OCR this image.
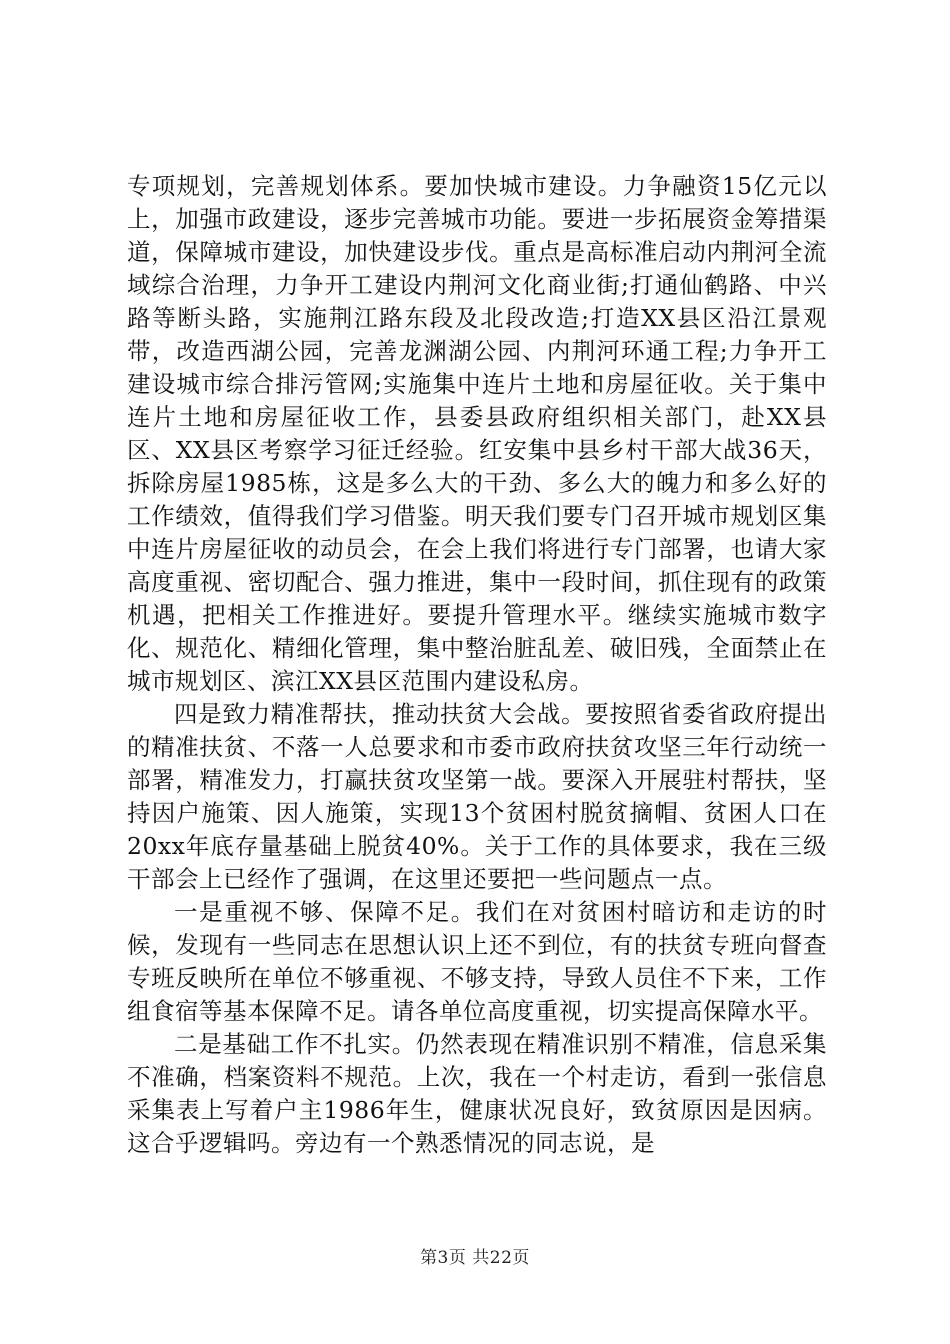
专项规划，完善规划体系。要加快城市建设。力争融资15亿元以上，加强市政建设，逐步完善城市功能。要进一步拓展资金筹措渠道，保障城市建设，加快建设步伐。重点是高标准启动内荆河全流域综合治理，力争开工建设内荆河文化商业街;打通仙鹤路、中兴路等断头路，实施荆江路东段及北段改造;打造XX县区沿江景观带，改造西湖公园，完善龙渊湖公园、内荆河环通工程;力争开工建设城市综合排污管网;实施集中连片土地和房屋征收。关于集中连片土地和房屋征收工作，县委县政府组织相关部门，赴XX县区、XX县区考察学习征迁经验。红安集中县乡村干部大战36天，拆除房屋1985栋，这是多么大的干劲、多么大的魄力和多么好的工作绩效，值得我们学习借鉴。明天我们要专门召开城市规划区集中连片房屋征收的动员会，在会上我们将进行专门部署，也请大家高度重视、密切配合、强力推进，集中一段时间，抓住现有的政策机遇，把相关工作推进好。要提升管理水平。继续实施城市数字化、规范化、精细化管理，集中整治脏乱差、破旧残，全面禁止在城市规划区、滨江XX县区范围内建设私房。

四是致力精准帮扶，推动扶贫大会战。要按照省委省政府提出的精准扶贫、不落一人总要求和市委市政府扶贫攻坚三年行动统一部署，精准发力，打赢扶贫攻坚第一战。要深入开展驻村帮扶，坚持因户施策、因人施策，实现13个贫困村脱贫摘帽、贫困人口在20xx年底存量基础上脱贫40%。关于工作的具体要求，我在三级干部会上已经作了强调，在这里还要把一些问题点一点。

一是重视不够、保障不足。我们在对贫困村暗访和走访的时候，发现有一些同志在思想认识上还不到位，有的扶贫专班向督查专班反映所在单位不够重视、不够支持，导致人员住不下来，工作组食宿等基本保障不足。请各单位高度重视，切实提高保障水平。

二是基础工作不扎实。仍然表现在精准识别不精准，信息采集不准确，档案资料不规范。上次，我在一个村走访，看到一张信息采集表上写着户主1986年生，健康状况良好，致贫原因是因病。这合乎逻辑吗。旁边有一个熟悉情况的同志说，是

第3页 共22页
